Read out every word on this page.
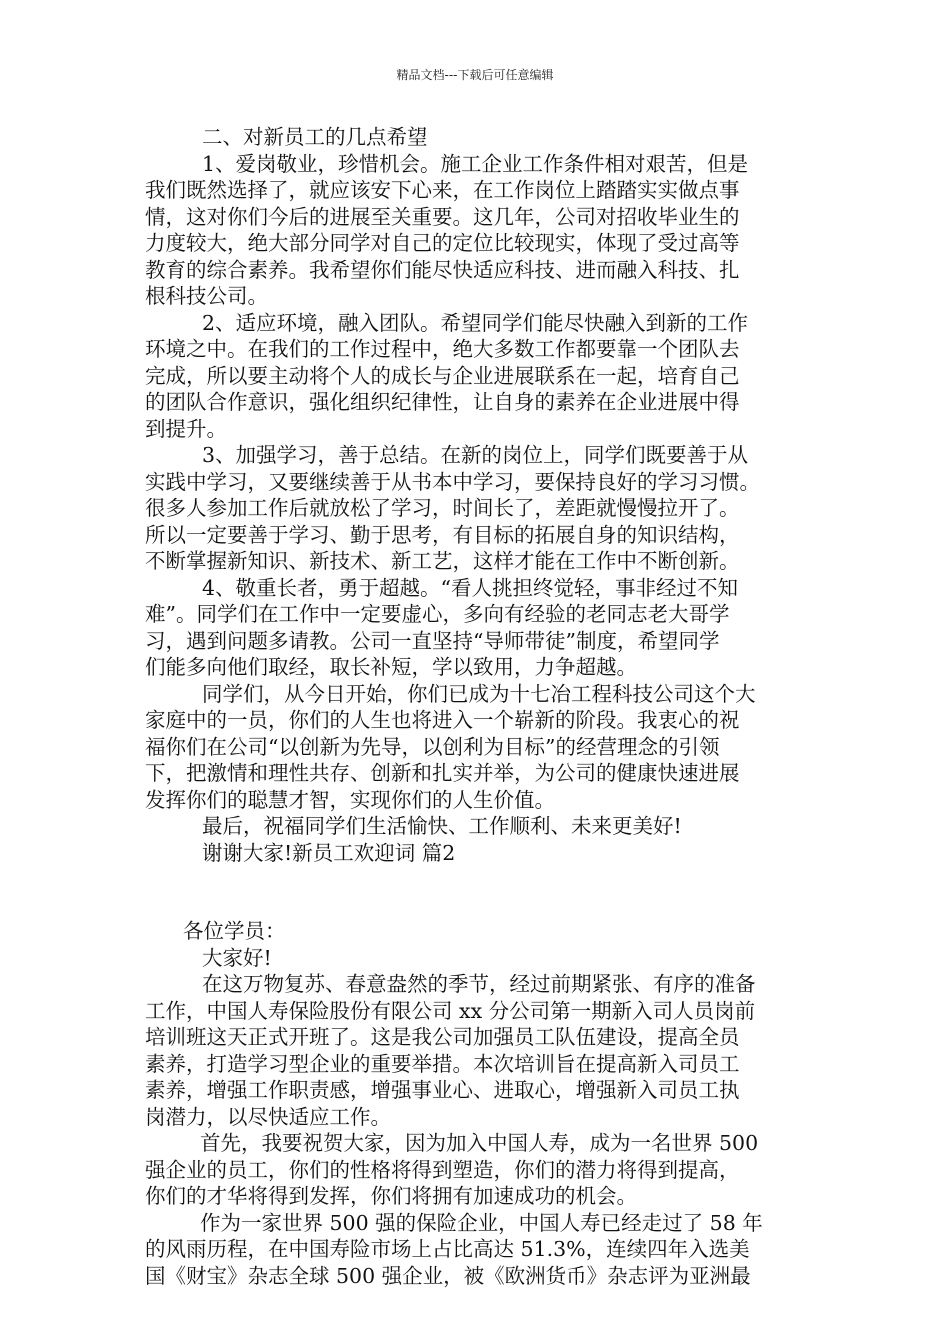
精品文档---下载后可任意编辑
二、对新员工的几点希望
1、爱岗敬业，珍惜机会。施工企业工作条件相对艰苦，但是
我们既然选择了，就应该安下心来，在工作岗位上踏踏实实做点事
情，这对你们今后的进展至关重要。这几年，公司对招收毕业生的
力度较大，绝大部分同学对自己的定位比较现实，体现了受过高等
教育的综合素养。我希望你们能尽快适应科技、进而融入科技、扎
根科技公司。
2、适应环境，融入团队。希望同学们能尽快融入到新的工作
环境之中。在我们的工作过程中，绝大多数工作都要靠一个团队去
完成，所以要主动将个人的成长与企业进展联系在一起，培育自己
的团队合作意识，强化组织纪律性，让自身的素养在企业进展中得
到提升。
3、加强学习，善于总结。在新的岗位上，同学们既要善于从
实践中学习，又要继续善于从书本中学习，要保持良好的学习习惯。
很多人参加工作后就放松了学习，时间长了，差距就慢慢拉开了。
所以一定要善于学习、勤于思考，有目标的拓展自身的知识结构，
不断掌握新知识、新技术、新工艺，这样才能在工作中不断创新。
4、敬重长者，勇于超越。“看人挑担终觉轻，事非经过不知
难”。同学们在工作中一定要虚心，多向有经验的老同志老大哥学
习，遇到问题多请教。公司一直坚持“导师带徒”制度，希望同学
们能多向他们取经，取长补短，学以致用，力争超越。
同学们，从今日开始，你们已成为十七冶工程科技公司这个大
家庭中的一员，你们的人生也将进入一个崭新的阶段。我衷心的祝
福你们在公司“以创新为先导，以创利为目标”的经营理念的引领
下，把激情和理性共存、创新和扎实并举，为公司的健康快速进展
发挥你们的聪慧才智，实现你们的人生价值。
最后，祝福同学们生活愉快、工作顺利、未来更美好!
谢谢大家!新员工欢迎词 篇2
各位学员：
大家好!
在这万物复苏、春意盎然的季节，经过前期紧张、有序的准备
工作，中国人寿保险股份有限公司 xx 分公司第一期新入司人员岗前
培训班这天正式开班了。这是我公司加强员工队伍建设，提高全员
素养，打造学习型企业的重要举措。本次培训旨在提高新入司员工
素养，增强工作职责感，增强事业心、进取心，增强新入司员工执
岗潜力，以尽快适应工作。
首先，我要祝贺大家，因为加入中国人寿，成为一名世界 500
强企业的员工，你们的性格将得到塑造，你们的潜力将得到提高，
你们的才华将得到发挥，你们将拥有加速成功的机会。
作为一家世界 500 强的保险企业，中国人寿已经走过了 58 年
的风雨历程，在中国寿险市场上占比高达 51.3%，连续四年入选美
国《财宝》杂志全球 500 强企业，被《欧洲货币》杂志评为亚洲最
